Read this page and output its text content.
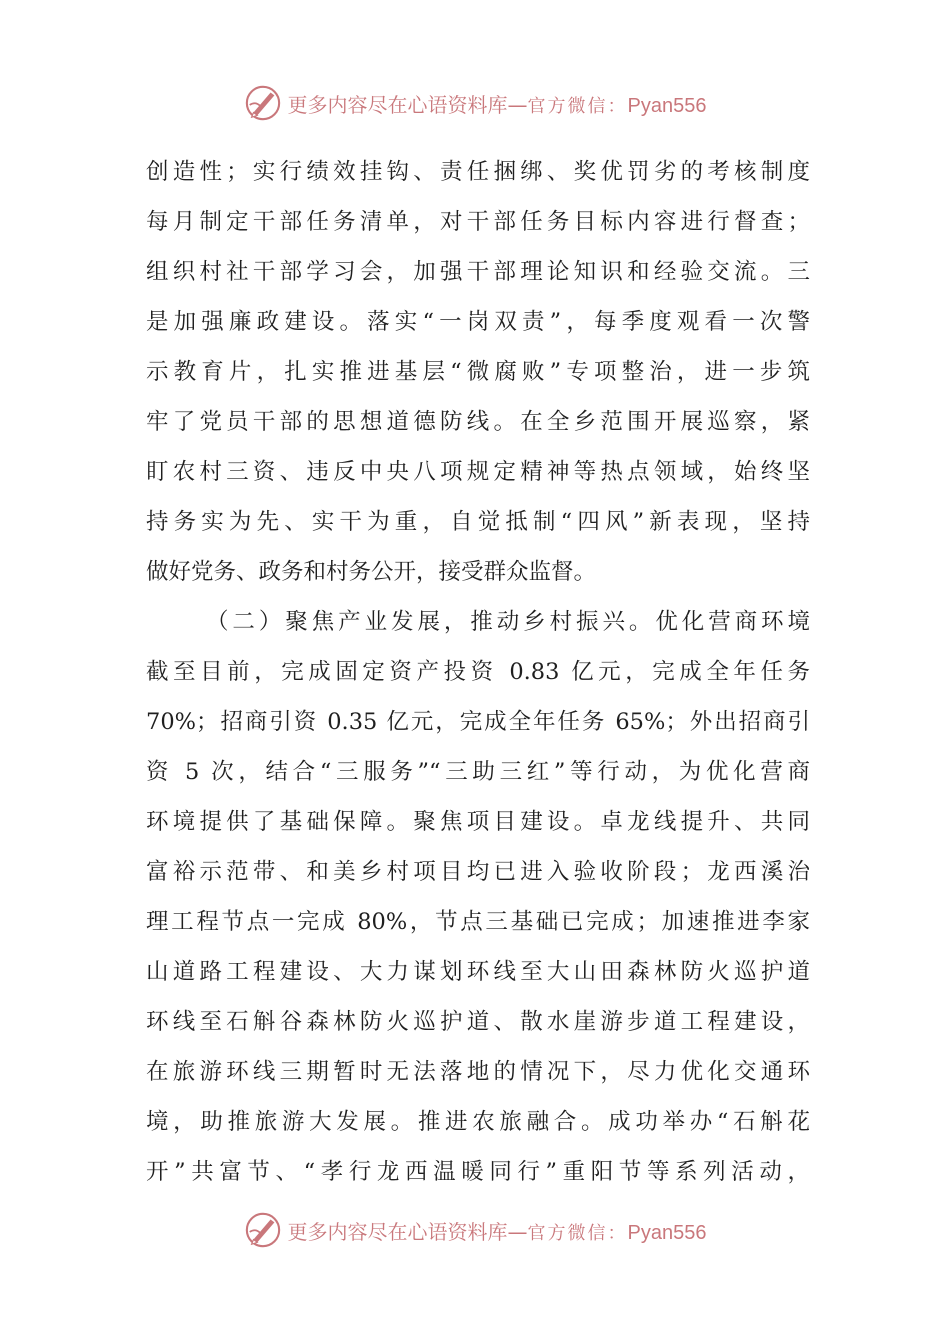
更多内容尽在心语资料库 — 官方微信： Pyan556
创造性；实行绩效挂钩、责任捆绑、奖优罚劣的考核制度
每月制定干部任务清单，对干部任务目标内容进行督查；
组织村社干部学习会，加强干部理论知识和经验交流。三
是加强廉政建设。落实“一岗双责”，每季度观看一次警
示教育片，扎实推进基层“微腐败”专项整治，进一步筑
牢了党员干部的思想道德防线。在全乡范围开展巡察，紧
盯农村三资、违反中央八项规定精神等热点领域，始终坚
持务实为先、实干为重，自觉抵制“四风”新表现，坚持
做好党务、政务和村务公开，接受群众监督。
（二）聚焦产业发展，推动乡村振兴。优化营商环境
截至目前，完成固定资产投资 0.83 亿元，完成全年任务
70%；招商引资 0.35 亿元，完成全年任务 65%；外出招商引
资 5 次，结合“三服务”“三助三红”等行动，为优化营商
环境提供了基础保障。聚焦项目建设。卓龙线提升、共同
富裕示范带、和美乡村项目均已进入验收阶段；龙西溪治
理工程节点一完成 80%，节点三基础已完成；加速推进李家
山道路工程建设、大力谋划环线至大山田森林防火巡护道
环线至石斛谷森林防火巡护道、散水崖游步道工程建设，
在旅游环线三期暂时无法落地的情况下，尽力优化交通环
境，助推旅游大发展。推进农旅融合。成功举办“石斛花
开”共富节、“孝行龙西温暖同行”重阳节等系列活动，
更多内容尽在心语资料库 — 官方微信： Pyan556
